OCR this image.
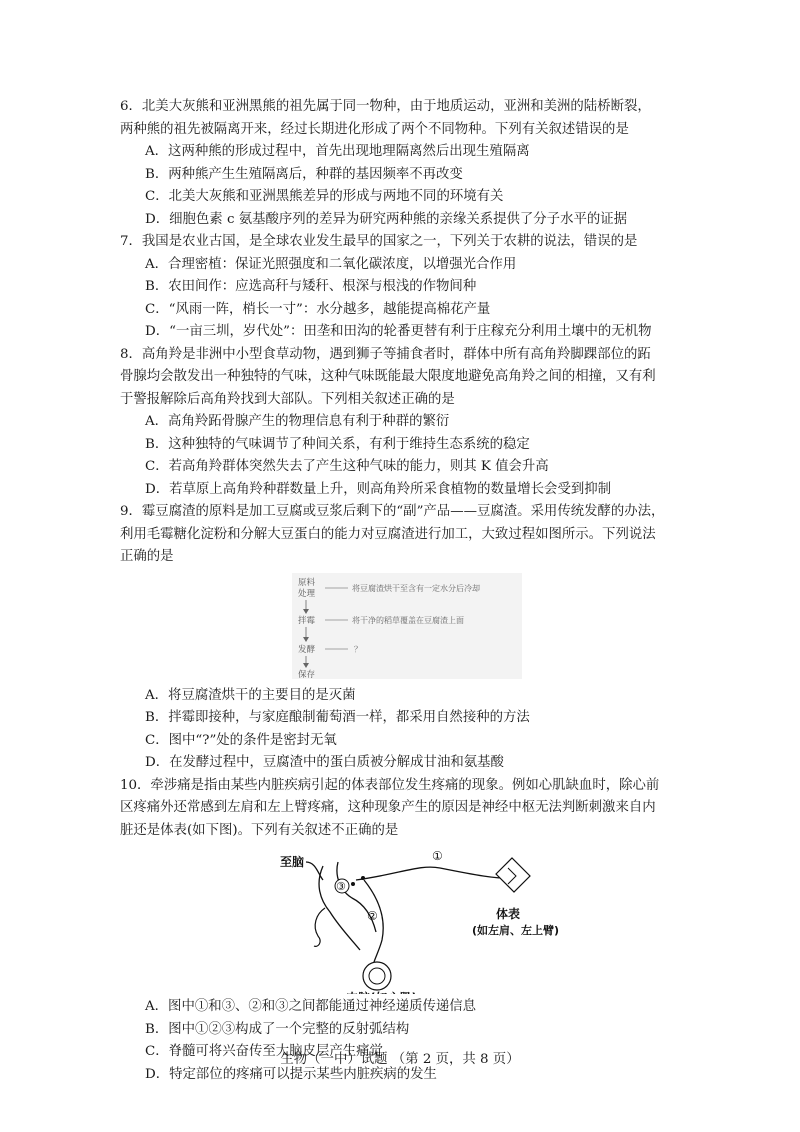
6．北美大灰熊和亚洲黑熊的祖先属于同一物种，由于地质运动，亚洲和美洲的陆桥断裂，
两种熊的祖先被隔离开来，经过长期进化形成了两个不同物种。下列有关叙述错误的是
A．这两种熊的形成过程中，首先出现地理隔离然后出现生殖隔离
B．两种熊产生生殖隔离后，种群的基因频率不再改变
C．北美大灰熊和亚洲黑熊差异的形成与两地不同的环境有关
D．细胞色素 c 氨基酸序列的差异为研究两种熊的亲缘关系提供了分子水平的证据
7．我国是农业古国，是全球农业发生最早的国家之一，下列关于农耕的说法，错误的是
A．合理密植：保证光照强度和二氧化碳浓度，以增强光合作用
B．农田间作：应选高秆与矮秆、根深与根浅的作物间种
C．“风雨一阵，梢长一寸”：水分越多，越能提高棉花产量
D．“一亩三圳，岁代处”：田垄和田沟的轮番更替有利于庄稼充分利用土壤中的无机物
8．高角羚是非洲中小型食草动物，遇到狮子等捕食者时，群体中所有高角羚脚踝部位的跖
骨腺均会散发出一种独特的气味，这种气味既能最大限度地避免高角羚之间的相撞，又有利
于警报解除后高角羚找到大部队。下列相关叙述正确的是
A．高角羚跖骨腺产生的物理信息有利于种群的繁衍
B．这种独特的气味调节了种间关系，有利于维持生态系统的稳定
C．若高角羚群体突然失去了产生这种气味的能力，则其 K 值会升高
D．若草原上高角羚种群数量上升，则高角羚所采食植物的数量增长会受到抑制
9．霉豆腐渣的原料是加工豆腐或豆浆后剩下的“副”产品——豆腐渣。采用传统发酵的办法，
利用毛霉糖化淀粉和分解大豆蛋白的能力对豆腐渣进行加工，大致过程如图所示。下列说法
正确的是
原料
处理
拌霉
发酵
保存
将豆腐渣烘干至含有一定水分后冷却
将干净的稻草覆盖在豆腐渣上面
？
A．将豆腐渣烘干的主要目的是灭菌
B．拌霉即接种，与家庭酿制葡萄酒一样，都采用自然接种的方法
C．图中“?”处的条件是密封无氧
D．在发酵过程中，豆腐渣中的蛋白质被分解成甘油和氨基酸
10．牵涉痛是指由某些内脏疾病引起的体表部位发生疼痛的现象。例如心肌缺血时，除心前
区疼痛外还常感到左肩和左上臂疼痛，这种现象产生的原因是神经中枢无法判断刺激来自内
脏还是体表(如下图)。下列有关叙述不正确的是
至脑
③
①
体表
(如左肩、左上臂)
②
A．图中①和③、②和③之间都能通过神经递质传递信息
B．图中①②③构成了一个完整的反射弧结构
C．脊髓可将兴奋传至大脑皮层产生痛觉
D．特定部位的疼痛可以提示某些内脏疾病的发生
生物（一中）试题 （第 2 页，共 8 页）
